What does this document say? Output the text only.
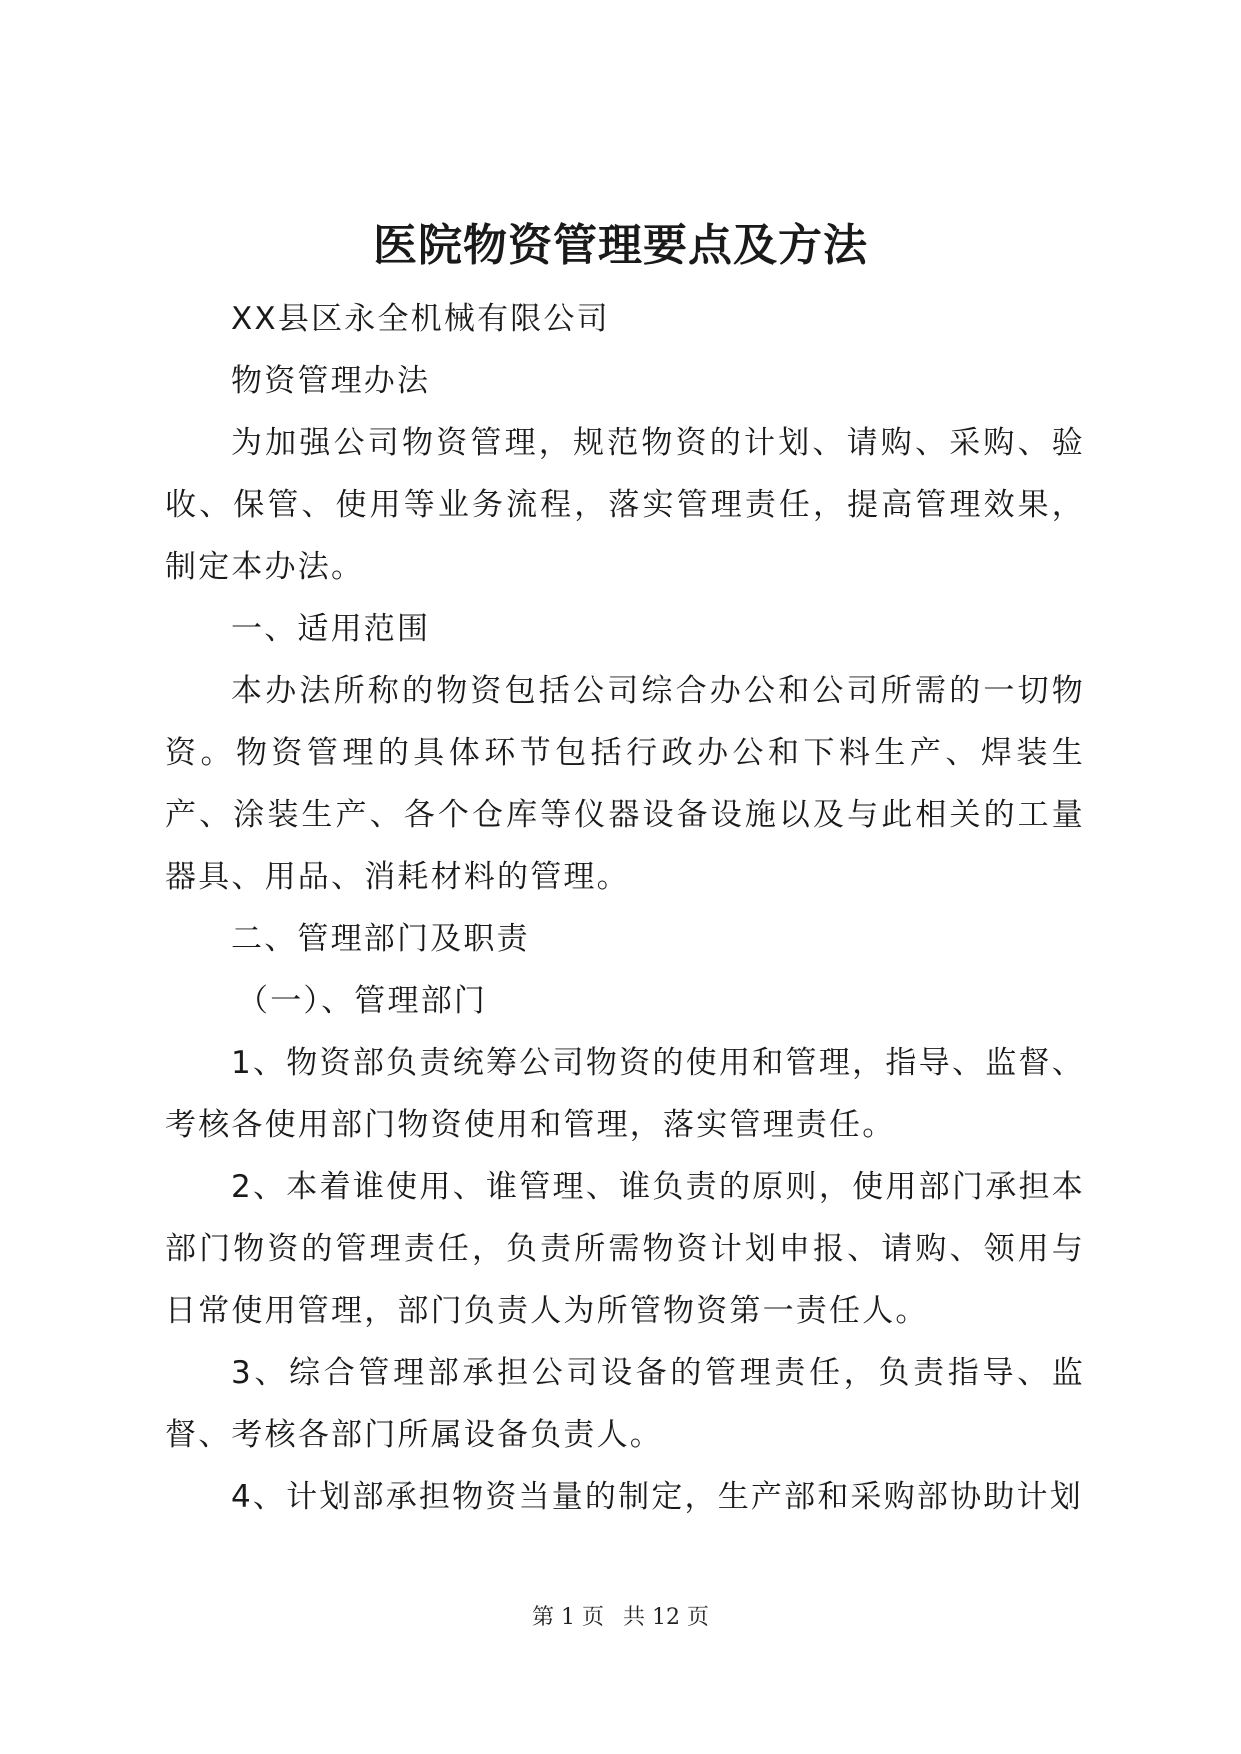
医院物资管理要点及方法

XX县区永全机械有限公司

物资管理办法

为加强公司物资管理，规范物资的计划、请购、采购、验收、保管、使用等业务流程，落实管理责任，提高管理效果，制定本办法。

一、适用范围

本办法所称的物资包括公司综合办公和公司所需的一切物资。物资管理的具体环节包括行政办公和下料生产、焊装生产、涂装生产、各个仓库等仪器设备设施以及与此相关的工量器具、用品、消耗材料的管理。

二、管理部门及职责

（一）、管理部门

1、物资部负责统筹公司物资的使用和管理，指导、监督、考核各使用部门物资使用和管理，落实管理责任。

2、本着谁使用、谁管理、谁负责的原则，使用部门承担本部门物资的管理责任，负责所需物资计划申报、请购、领用与日常使用管理，部门负责人为所管物资第一责任人。

3、综合管理部承担公司设备的管理责任，负责指导、监督、考核各部门所属设备负责人。

4、计划部承担物资当量的制定，生产部和采购部协助计划

第 1 页 共 12 页
